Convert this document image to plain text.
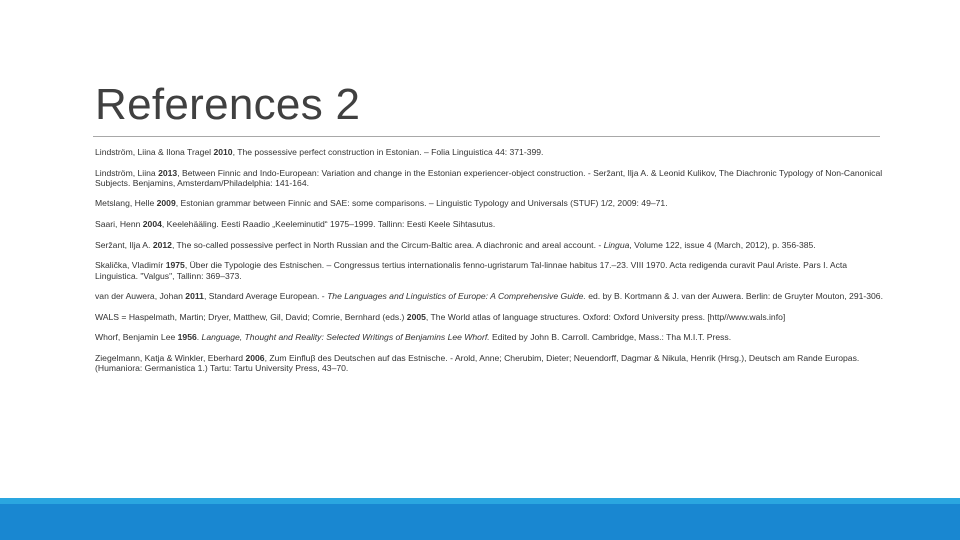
References 2

Lindström, Liina & Ilona Tragel 2010, The possessive perfect construction in Estonian. – Folia Linguistica 44: 371-399.

Lindström, Liina 2013, Between Finnic and Indo-European: Variation and change in the Estonian experiencer-object construction. - Seržant, Ilja A. & Leonid Kulikov, The Diachronic Typology of Non-Canonical Subjects. Benjamins, Amsterdam/Philadelphia: 141-164.

Metslang, Helle 2009, Estonian grammar between Finnic and SAE: some comparisons. – Linguistic Typology and Universals (STUF) 1/2, 2009: 49–71.

Saari, Henn 2004, Keelehääling. Eesti Raadio „Keeleminutid“ 1975–1999. Tallinn: Eesti Keele Sihtasutus.

Seržant, Ilja A. 2012, The so-called possessive perfect in North Russian and the Circum-Baltic area. A diachronic and areal account. - Lingua, Volume 122, issue 4 (March, 2012), p. 356-385.

Skalička, Vladimír 1975, Über die Typologie des Estnischen. – Congressus tertius internationalis fenno-ugristarum Tal-linnae habitus 17.–23. VIII 1970. Acta redigenda curavit Paul Ariste. Pars I. Acta Linguistica. "Valgus", Tallinn: 369–373.

van der Auwera, Johan 2011, Standard Average European. - The Languages and Linguistics of Europe: A Comprehensive Guide. ed. by B. Kortmann & J. van der Auwera. Berlin: de Gruyter Mouton, 291-306.

WALS = Haspelmath, Martin; Dryer, Matthew, Gil, David; Comrie, Bernhard (eds.) 2005, The World atlas of language structures. Oxford: Oxford University press. [http//www.wals.info]

Whorf, Benjamin Lee 1956. Language, Thought and Reality: Selected Writings of Benjamins Lee Whorf. Edited by John B. Carroll. Cambridge, Mass.: Tha M.I.T. Press.

Ziegelmann, Katja & Winkler, Eberhard 2006, Zum Einfluβ des Deutschen auf das Estnische. - Arold, Anne; Cherubim, Dieter; Neuendorff, Dagmar & Nikula, Henrik (Hrsg.), Deutsch am Rande Europas. (Humaniora: Germanistica 1.) Tartu: Tartu University Press, 43–70.
